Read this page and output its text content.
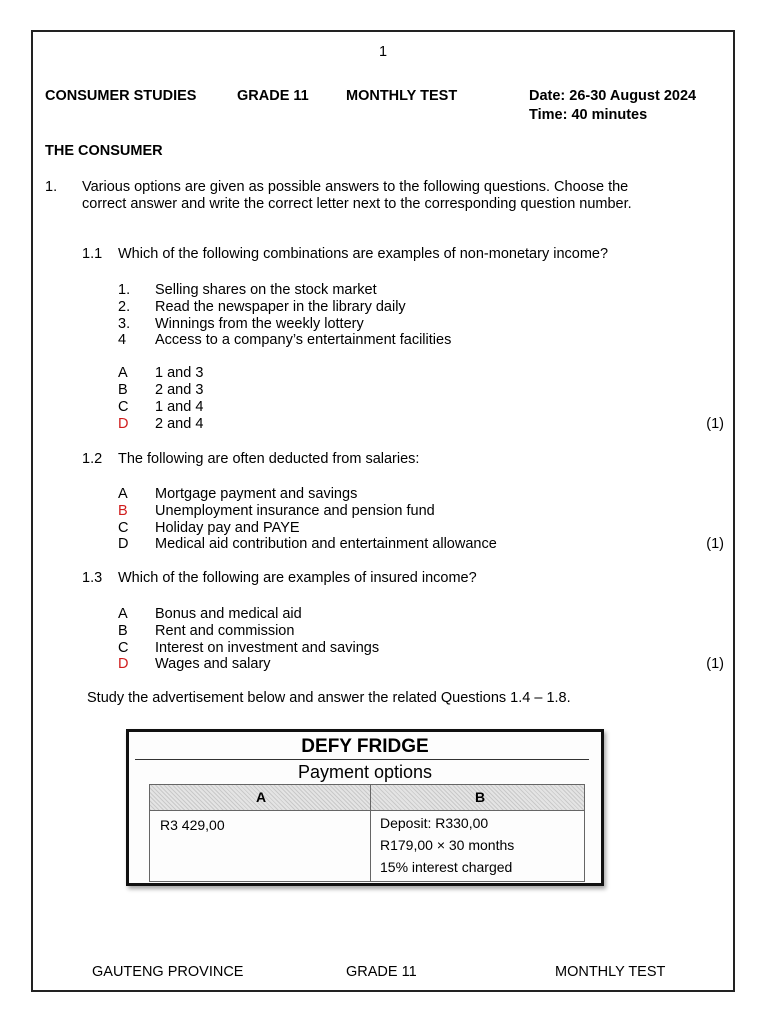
1
CONSUMER STUDIES	GRADE 11	MONTHLY TEST	Date: 26-30 August 2024
Time: 40 minutes
THE CONSUMER
1. Various options are given as possible answers to the following questions. Choose the correct answer and write the correct letter next to the corresponding question number.
1.1 Which of the following combinations are examples of non-monetary income?
1. Selling shares on the stock market
2. Read the newspaper in the library daily
3. Winnings from the weekly lottery
4 Access to a company’s entertainment facilities
A 1 and 3
B 2 and 3
C 1 and 4
D 2 and 4	(1)
1.2 The following are often deducted from salaries:
A Mortgage payment and savings
B Unemployment insurance and pension fund
C Holiday pay and PAYE
D Medical aid contribution and entertainment allowance	(1)
1.3 Which of the following are examples of insured income?
A Bonus and medical aid
B Rent and commission
C Interest on investment and savings
D Wages and salary	(1)
Study the advertisement below and answer the related Questions 1.4 – 1.8.
DEFY FRIDGE
Payment options
A	B
R3 429,00	Deposit: R330,00
R179,00 × 30 months
15% interest charged
GAUTENG PROVINCE	GRADE 11	MONTHLY TEST
